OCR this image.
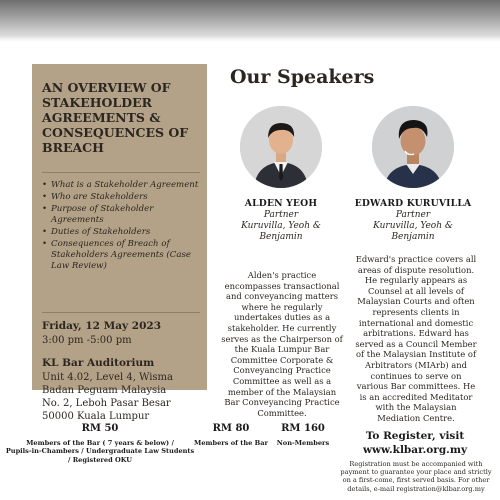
AN OVERVIEW OF STAKEHOLDER AGREEMENTS & CONSEQUENCES OF BREACH
• What is a Stakeholder Agreement
• Who are Stakeholders
• Purpose of Stakeholder Agreements
• Duties of Stakeholders
• Consequences of Breach of Stakeholders Agreements (Case Law Review)
Friday, 12 May 2023
3:00 pm -5:00 pm
KL Bar Auditorium
Unit 4.02, Level 4, Wisma
Badan Peguam Malaysia
No. 2, Leboh Pasar Besar
50000 Kuala Lumpur
Our Speakers
ALDEN YEOH
Partner
Kuruvilla, Yeoh &
Benjamin
Alden's practice
encompasses transactional
and conveyancing matters
where he regularly
undertakes duties as a
stakeholder. He currently
serves as the Chairperson of
the Kuala Lumpur Bar
Committee Corporate &
Conveyancing Practice
Committee as well as a
member of the Malaysian
Bar Conveyancing Practice
Committee.
EDWARD KURUVILLA
Partner
Kuruvilla, Yeoh &
Benjamin
Edward's practice covers all
areas of dispute resolution.
He regularly appears as
Counsel at all levels of
Malaysian Courts and often
represents clients in
international and domestic
arbitrations. Edward has
served as a Council Member
of the Malaysian Institute of
Arbitrators (MIArb) and
continues to serve on
various Bar committees. He
is an accredited Meditator
with the Malaysian
Mediation Centre.
To Register, visit
www.klbar.org.my
Registration must be accompanied with
payment to guarantee your place and strictly
on a first-come, first served basis. For other
details, e-mail registration@klbar.org.my
RM 50
Members of the Bar ( 7 years & below) /
Pupils-in-Chambers / Undergraduate Law Students
/ Registered OKU
RM 80
Members of the Bar
RM 160
Non-Members
